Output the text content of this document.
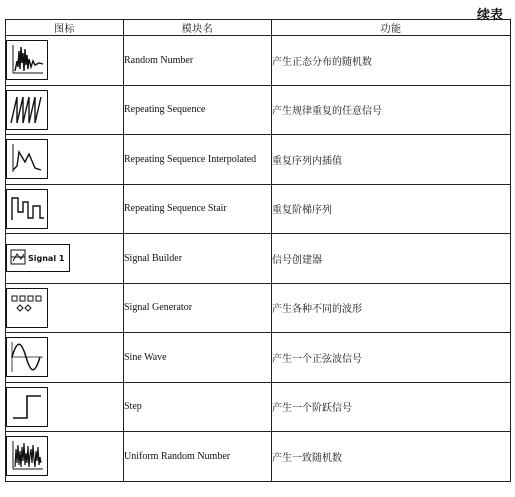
续表
图标	模块名	功能

	Random Number	产生正态分布的随机数

	Repeating Sequence	产生规律重复的任意信号

	Repeating Sequence Interpolated	重复序列内插值

	Repeating Sequence Stair	重复阶梯序列

Signal 1	Signal Builder	信号创建器

	Signal Generator	产生各种不同的波形

	Sine Wave	产生一个正弦波信号

	Step	产生一个阶跃信号

	Uniform Random Number	产生一致随机数
